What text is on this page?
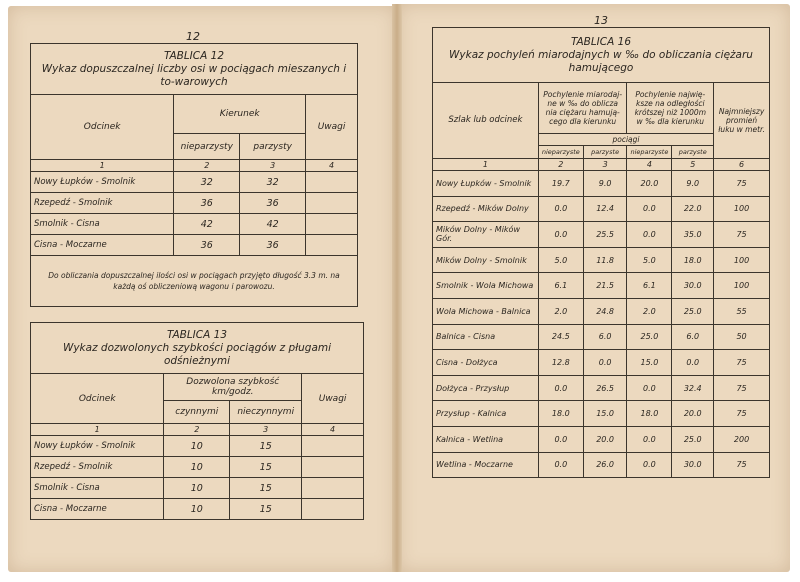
12
13
TABLICA 12
Wykaz dopuszczalnej liczby osi w pociągach mieszanych i to-warowych			

Odcinek	Kierunek		Uwagi
	nieparzysty	parzysty	
1	2	3	4
Nowy Łupków - Smolnik	32	32	
Rzepedź - Smolnik	36	36	
Smolnik - Cisna	42	42	
Cisna - Moczarne	36	36	
Do obliczania dopuszczalnej ilości osi w pociągach przyjęto długość 3.3 m. na każdą oś obliczeniową wagonu i parowozu.			
TABLICA 13
Wykaz dozwolonych szybkości pociągów z pługami odśnieżnymi			

Odcinek	Dozwolona szybkość km/godz.		Uwagi
	czynnymi	nieczynnymi	
1	2	3	4
Nowy Łupków - Smolnik	10	15	
Rzepedź - Smolnik	10	15	
Smolnik - Cisna	10	15	
Cisna - Moczarne	10	15	
TABLICA 16
Wykaz pochyleń miarodajnych w ‰ do obliczania ciężaru hamującego					

Szlak lub odcinek	Pochylenie miarodaj-ne w ‰ do oblicza nia ciężaru hamują-cego dla kierunku		Pochylenie najwię-ksze na odległości krótszej niż 1000m w ‰ dla kierunku		Najmniejszy promień łuku w metr.
	pociągi				
	nieparzyste	parzyste	nieparzyste	parzyste	
1	2	3	4	5	6
Nowy Łupków - Smolnik	19.7	9.0	20.0	9.0	75
Rzepedź - Mików Dolny	0.0	12.4	0.0	22.0	100
Mików Dolny - Mików Gór.	0.0	25.5	0.0	35.0	75
Mików Dolny - Smolnik	5.0	11.8	5.0	18.0	100
Smolnik - Wola Michowa	6.1	21.5	6.1	30.0	100
Wola Michowa - Balnica	2.0	24.8	2.0	25.0	55
Balnica - Cisna	24.5	6.0	25.0	6.0	50
Cisna - Dołżyca	12.8	0.0	15.0	0.0	75
Dołżyca - Przysłup	0.0	26.5	0.0	32.4	75
Przysłup - Kalnica	18.0	15.0	18.0	20.0	75
Kalnica - Wetlina	0.0	20.0	0.0	25.0	200
Wetlina - Moczarne	0.0	26.0	0.0	30.0	75
